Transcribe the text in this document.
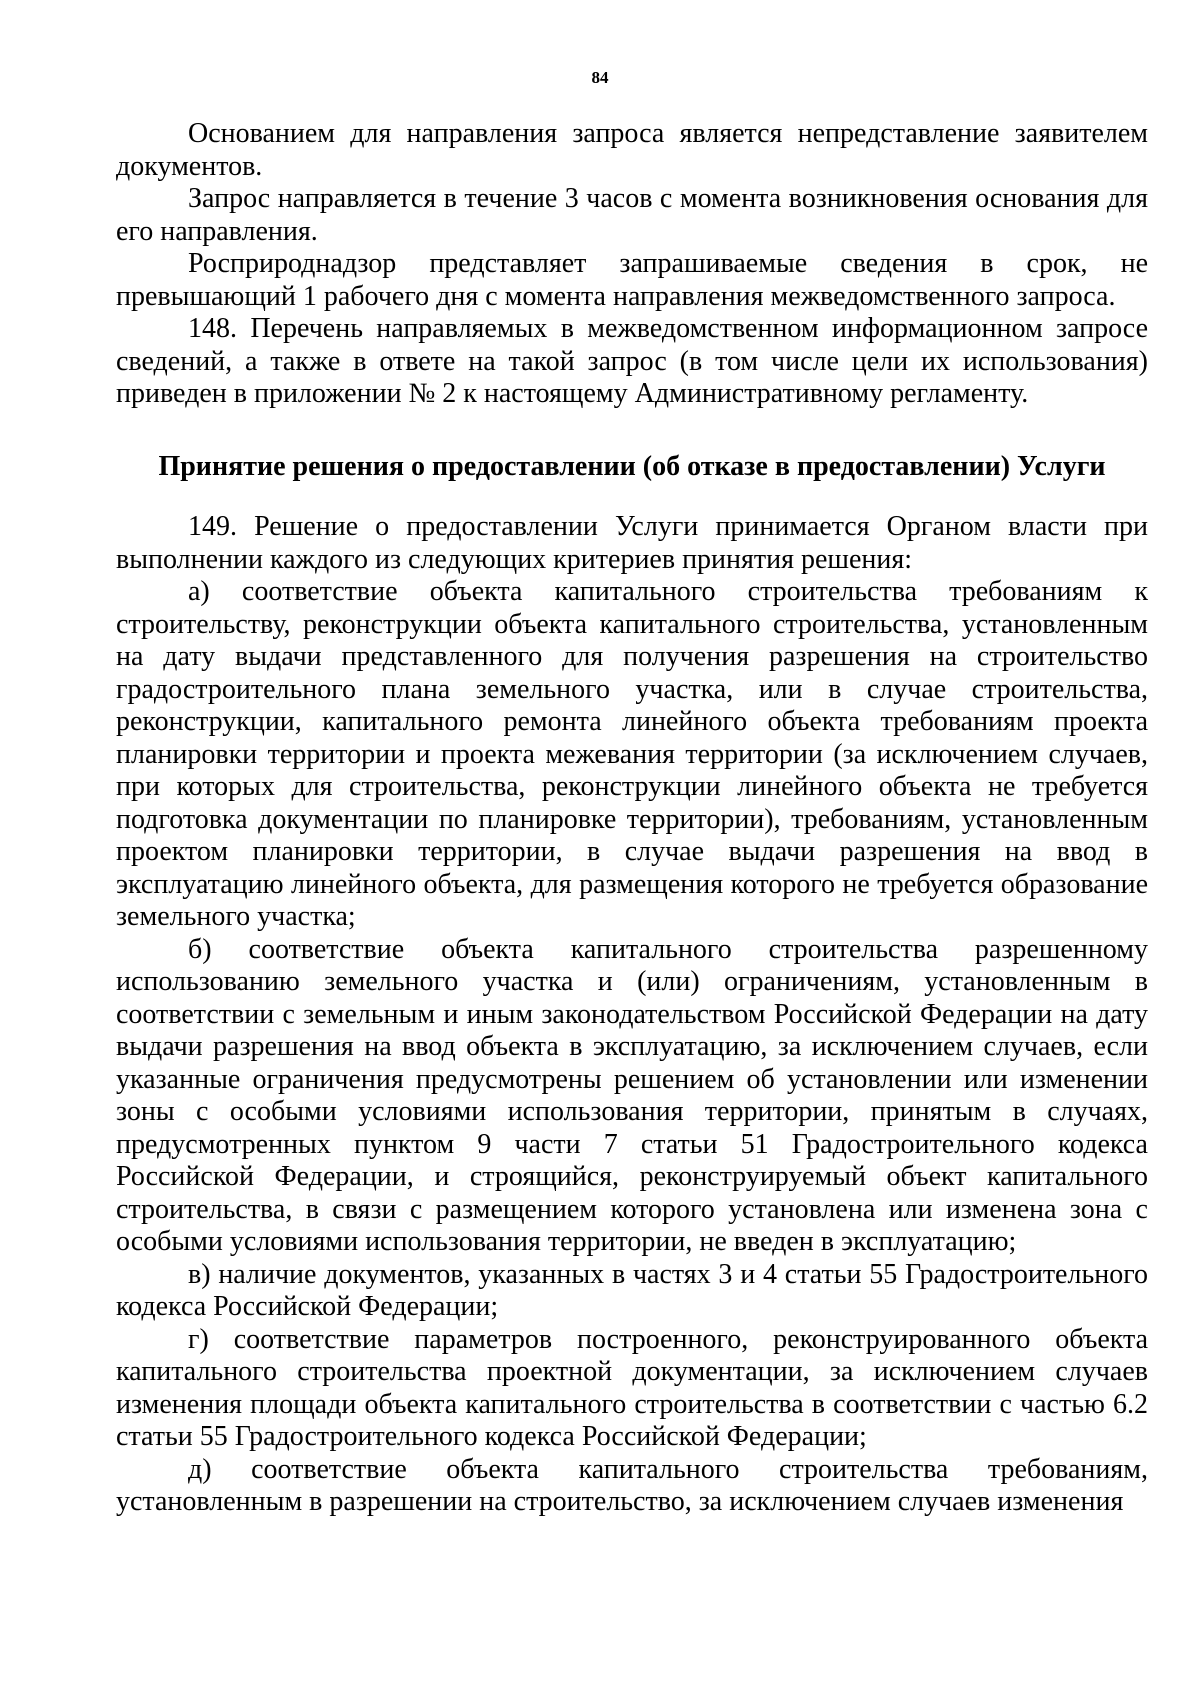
84

Основанием для направления запроса является непредставление заявителем документов.

Запрос направляется в течение 3 часов с момента возникновения основания для его направления.

Росприроднадзор представляет запрашиваемые сведения в срок, не превышающий 1 рабочего дня с момента направления межведомственного запроса.

148. Перечень направляемых в межведомственном информационном запросе сведений, а также в ответе на такой запрос (в том числе цели их использования) приведен в приложении № 2 к настоящему Административному регламенту.

Принятие решения о предоставлении (об отказе в предоставлении) Услуги

149. Решение о предоставлении Услуги принимается Органом власти при выполнении каждого из следующих критериев принятия решения:

а) соответствие объекта капитального строительства требованиям к строительству, реконструкции объекта капитального строительства, установленным на дату выдачи представленного для получения разрешения на строительство градостроительного плана земельного участка, или в случае строительства, реконструкции, капитального ремонта линейного объекта требованиям проекта планировки территории и проекта межевания территории (за исключением случаев, при которых для строительства, реконструкции линейного объекта не требуется подготовка документации по планировке территории), требованиям, установленным проектом планировки территории, в случае выдачи разрешения на ввод в эксплуатацию линейного объекта, для размещения которого не требуется образование земельного участка;

б) соответствие объекта капитального строительства разрешенному использованию земельного участка и (или) ограничениям, установленным в соответствии с земельным и иным законодательством Российской Федерации на дату выдачи разрешения на ввод объекта в эксплуатацию, за исключением случаев, если указанные ограничения предусмотрены решением об установлении или изменении зоны с особыми условиями использования территории, принятым в случаях, предусмотренных пунктом 9 части 7 статьи 51 Градостроительного кодекса Российской Федерации, и строящийся, реконструируемый объект капитального строительства, в связи с размещением которого установлена или изменена зона с особыми условиями использования территории, не введен в эксплуатацию;

в) наличие документов, указанных в частях 3 и 4 статьи 55 Градостроительного кодекса Российской Федерации;

г) соответствие параметров построенного, реконструированного объекта капитального строительства проектной документации, за исключением случаев изменения площади объекта капитального строительства в соответствии с частью 6.2 статьи 55 Градостроительного кодекса Российской Федерации;

д) соответствие объекта капитального строительства требованиям, установленным в разрешении на строительство, за исключением случаев изменения
